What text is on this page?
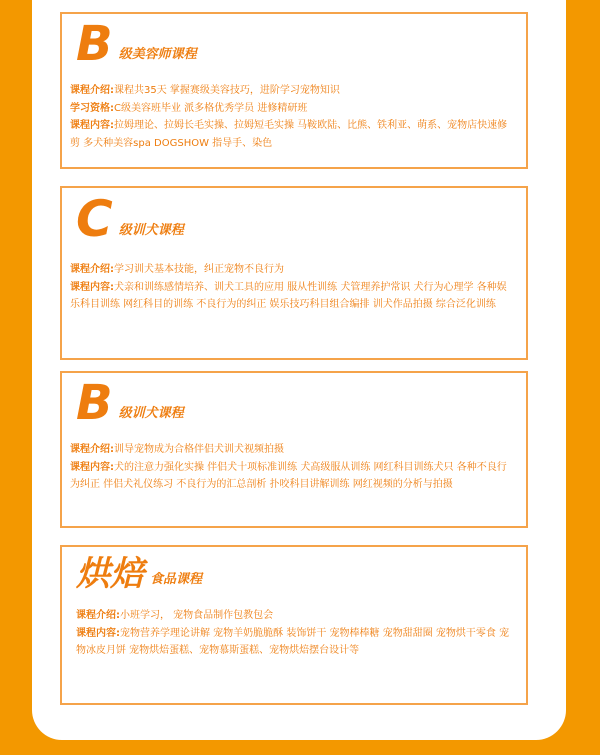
B 级美容师课程
课程介绍:课程共35天 掌握赛级美容技巧，进阶学习宠物知识
学习资格:C级美容班毕业 派多格优秀学员 进修精研班
课程内容:拉姆理论、拉姆长毛实操、拉姆短毛实操 马鞍欧陆、比熊、铁利亚、萌系、宠物店快速修剪 多犬种美容spa DOGSHOW 指导手、染色
C 级训犬课程
课程介绍:学习训犬基本技能，纠正宠物不良行为
课程内容:犬亲和训练感情培养、训犬工具的应用 服从性训练 犬管理养护常识 犬行为心理学 各种娱乐科目训练 网红科目的训练 不良行为的纠正 娱乐技巧科目组合编排 训犬作品拍摄 综合泛化训练
B 级训犬课程
课程介绍:训导宠物成为合格伴侣犬训犬视频拍摄
课程内容:犬的注意力强化实操 伴侣犬十项标准训练 犬高级服从训练 网红科目训练犬只 各种不良行为纠正 伴侣犬礼仪练习 不良行为的汇总剖析 扑咬科目讲解训练 网红视频的分析与拍摄
烘焙 食品课程
课程介绍:小班学习， 宠物食品制作包教包会
课程内容:宠物营养学理论讲解 宠物羊奶脆脆酥 装饰饼干 宠物棒棒糖 宠物甜甜圈 宠物烘干零食 宠物冰皮月饼 宠物烘焙蛋糕、宠物慕斯蛋糕、宠物烘焙摆台设计等
